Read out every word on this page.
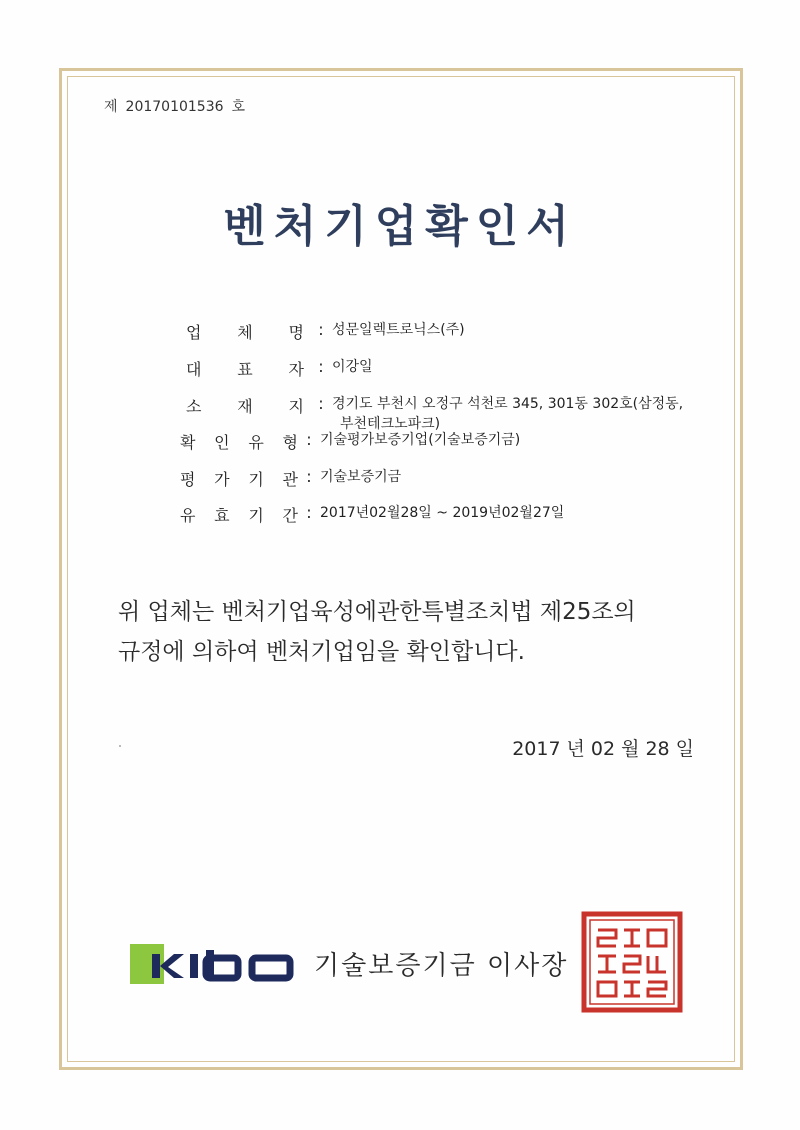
제 20170101536 호
벤처기업확인서
업 체 명 : 성문일렉트로닉스(주)
대 표 자 : 이강일
소 재 지 : 경기도 부천시 오정구 석천로 345, 301동 302호(삼정동,
부천테크노파크)
확 인 유 형 : 기술평가보증기업(기술보증기금)
평 가 기 관 : 기술보증기금
유 효 기 간 : 2017년02월28일 ~ 2019년02월27일
위 업체는 벤처기업육성에관한특별조치법 제25조의
규정에 의하여 벤처기업임을 확인합니다.
2017 년 02 월 28 일
기술보증기금 이사장
